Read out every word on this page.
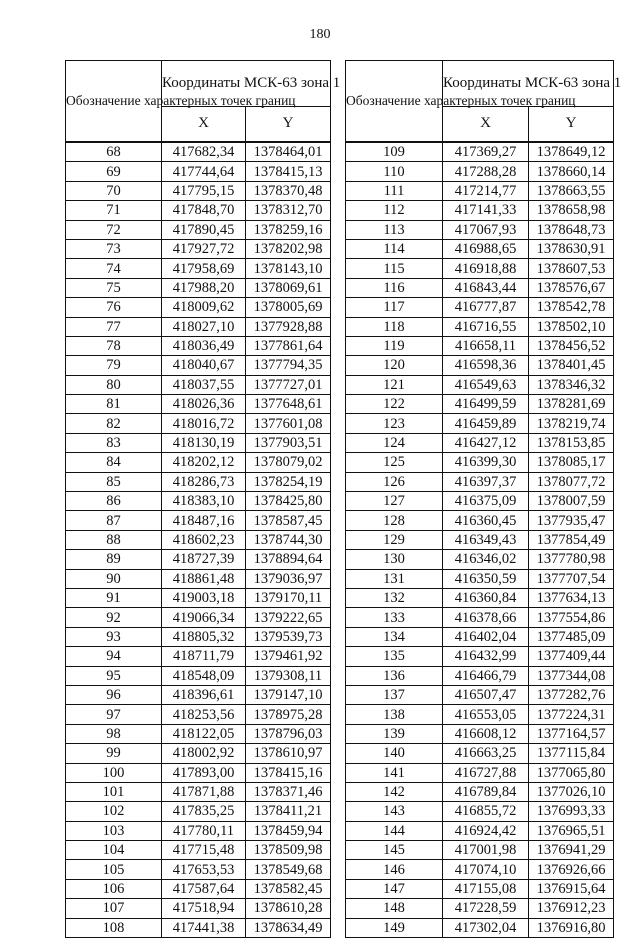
180
Обозначение характерных точек границ	Координаты МСК-63 зона 1	
	X	Y
68	417682,34	1378464,01
69	417744,64	1378415,13
70	417795,15	1378370,48
71	417848,70	1378312,70
72	417890,45	1378259,16
73	417927,72	1378202,98
74	417958,69	1378143,10
75	417988,20	1378069,61
76	418009,62	1378005,69
77	418027,10	1377928,88
78	418036,49	1377861,64
79	418040,67	1377794,35
80	418037,55	1377727,01
81	418026,36	1377648,61
82	418016,72	1377601,08
83	418130,19	1377903,51
84	418202,12	1378079,02
85	418286,73	1378254,19
86	418383,10	1378425,80
87	418487,16	1378587,45
88	418602,23	1378744,30
89	418727,39	1378894,64
90	418861,48	1379036,97
91	419003,18	1379170,11
92	419066,34	1379222,65
93	418805,32	1379539,73
94	418711,79	1379461,92
95	418548,09	1379308,11
96	418396,61	1379147,10
97	418253,56	1378975,28
98	418122,05	1378796,03
99	418002,92	1378610,97
100	417893,00	1378415,16
101	417871,88	1378371,46
102	417835,25	1378411,21
103	417780,11	1378459,94
104	417715,48	1378509,98
105	417653,53	1378549,68
106	417587,64	1378582,45
107	417518,94	1378610,28
108	417441,38	1378634,49
Обозначение характерных точек границ	Координаты МСК-63 зона 1	
	X	Y
109	417369,27	1378649,12
110	417288,28	1378660,14
111	417214,77	1378663,55
112	417141,33	1378658,98
113	417067,93	1378648,73
114	416988,65	1378630,91
115	416918,88	1378607,53
116	416843,44	1378576,67
117	416777,87	1378542,78
118	416716,55	1378502,10
119	416658,11	1378456,52
120	416598,36	1378401,45
121	416549,63	1378346,32
122	416499,59	1378281,69
123	416459,89	1378219,74
124	416427,12	1378153,85
125	416399,30	1378085,17
126	416397,37	1378077,72
127	416375,09	1378007,59
128	416360,45	1377935,47
129	416349,43	1377854,49
130	416346,02	1377780,98
131	416350,59	1377707,54
132	416360,84	1377634,13
133	416378,66	1377554,86
134	416402,04	1377485,09
135	416432,99	1377409,44
136	416466,79	1377344,08
137	416507,47	1377282,76
138	416553,05	1377224,31
139	416608,12	1377164,57
140	416663,25	1377115,84
141	416727,88	1377065,80
142	416789,84	1377026,10
143	416855,72	1376993,33
144	416924,42	1376965,51
145	417001,98	1376941,29
146	417074,10	1376926,66
147	417155,08	1376915,64
148	417228,59	1376912,23
149	417302,04	1376916,80
